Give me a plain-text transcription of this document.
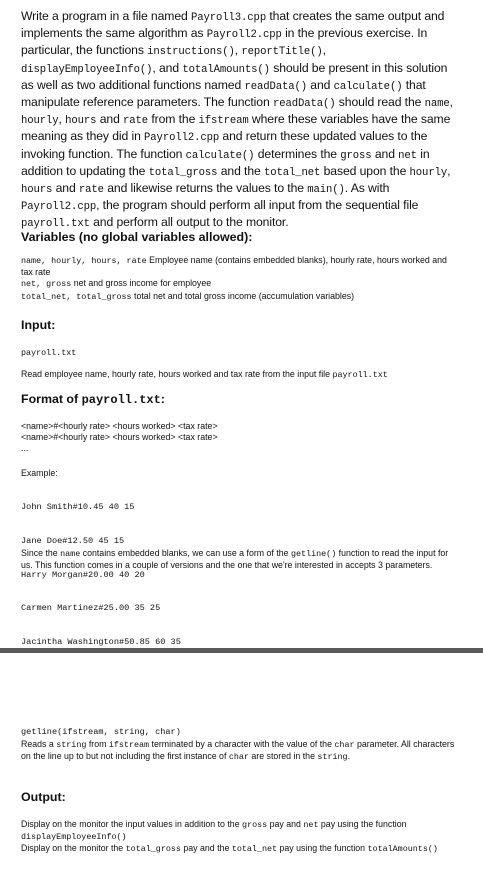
Write a program in a file named Payroll3.cpp that creates the same output and implements the same algorithm as Payroll2.cpp in the previous exercise. In particular, the functions instructions(), reportTitle(), displayEmployeeInfo(), and totalAmounts() should be present in this solution as well as two additional functions named readData() and calculate() that manipulate reference parameters. The function readData() should read the name, hourly, hours and rate from the ifstream where these variables have the same meaning as they did in Payroll2.cpp and return these updated values to the invoking function. The function calculate() determines the gross and net in addition to updating the total_gross and the total_net based upon the hourly, hours and rate and likewise returns the values to the main(). As with Payroll2.cpp, the program should perform all input from the sequential file payroll.txt and perform all output to the monitor.
Variables (no global variables allowed):
name, hourly, hours, rate Employee name (contains embedded blanks), hourly rate, hours worked and tax rate
net, gross net and gross income for employee
total_net, total_gross total net and total gross income (accumulation variables)
Input:
payroll.txt
Read employee name, hourly rate, hours worked and tax rate from the input file payroll.txt
Format of payroll.txt:
<name>#<hourly rate> <hours worked> <tax rate>
<name>#<hourly rate> <hours worked> <tax rate>
...
Example:

John Smith#10.45 40 15

Jane Doe#12.50 45 15

Harry Morgan#20.00 40 20

Carmen Martinez#25.00 35 25

Jacintha Washington#50.85 60 35

Since the name contains embedded blanks, we can use a form of the getline() function to read the input for us. This function comes in a couple of versions and the one that we're interested in accepts 3 parameters.
getline(ifstream, string, char)
Reads a string from ifstream terminated by a character with the value of the char parameter. All characters on the line up to but not including the first instance of char are stored in the string.
Output:
Display on the monitor the input values in addition to the gross pay and net pay using the function displayEmployeeInfo()
Display on the monitor the total_gross pay and the total_net pay using the function totalAmounts()
